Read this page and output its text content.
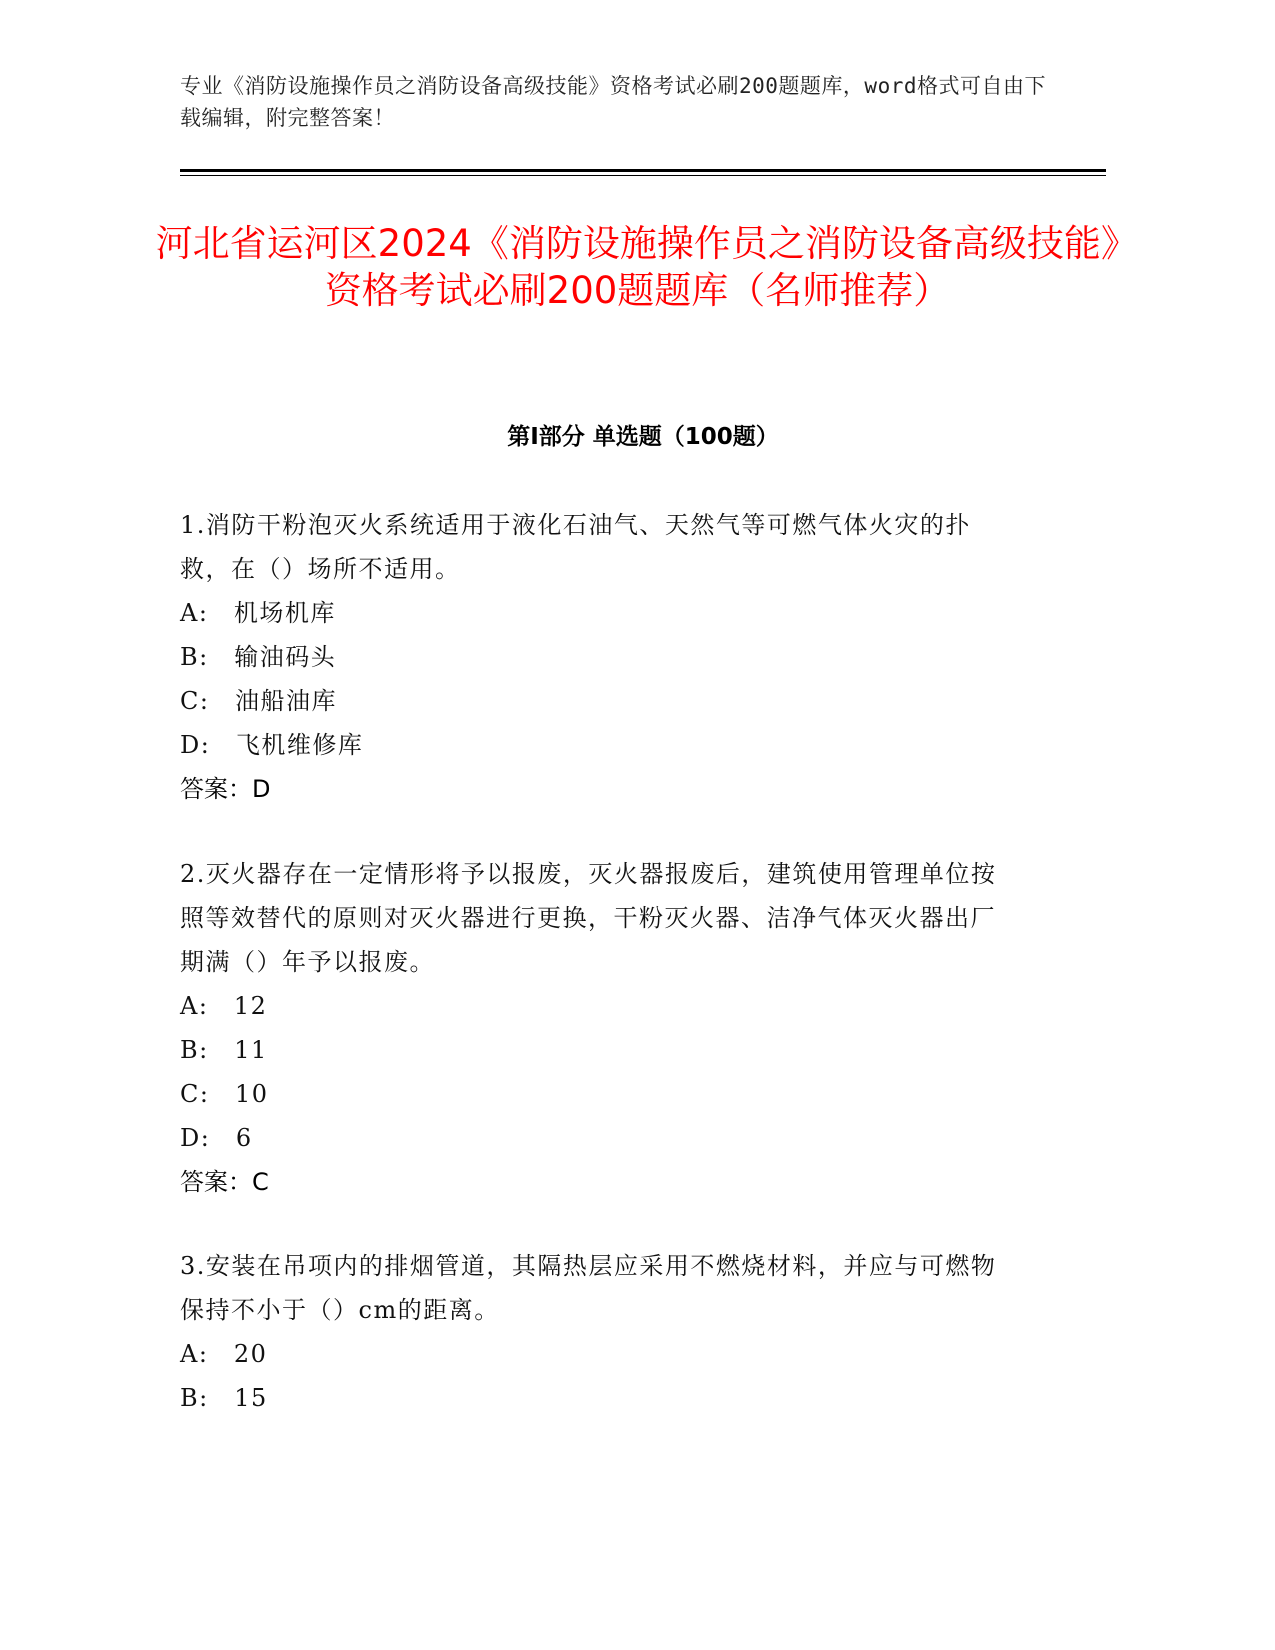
专业《消防设施操作员之消防设备高级技能》资格考试必刷200题题库，word格式可自由下载编辑，附完整答案！
河北省运河区2024《消防设施操作员之消防设备高级技能》资格考试必刷200题题库（名师推荐）
第I部分 单选题（100题）

1.消防干粉泡灭火系统适用于液化石油气、天然气等可燃气体火灾的扑救，在（）场所不适用。

A:　机场机库

B:　输油码头

C:　油船油库

D:　飞机维修库

答案：D

2.灭火器存在一定情形将予以报废，灭火器报废后，建筑使用管理单位按照等效替代的原则对灭火器进行更换，干粉灭火器、洁净气体灭火器出厂期满（）年予以报废。

A:　12

B:　11

C:　10

D:　6

答案：C

3.安装在吊项内的排烟管道，其隔热层应采用不燃烧材料，并应与可燃物保持不小于（）cm的距离。

A:　20

B:　15
